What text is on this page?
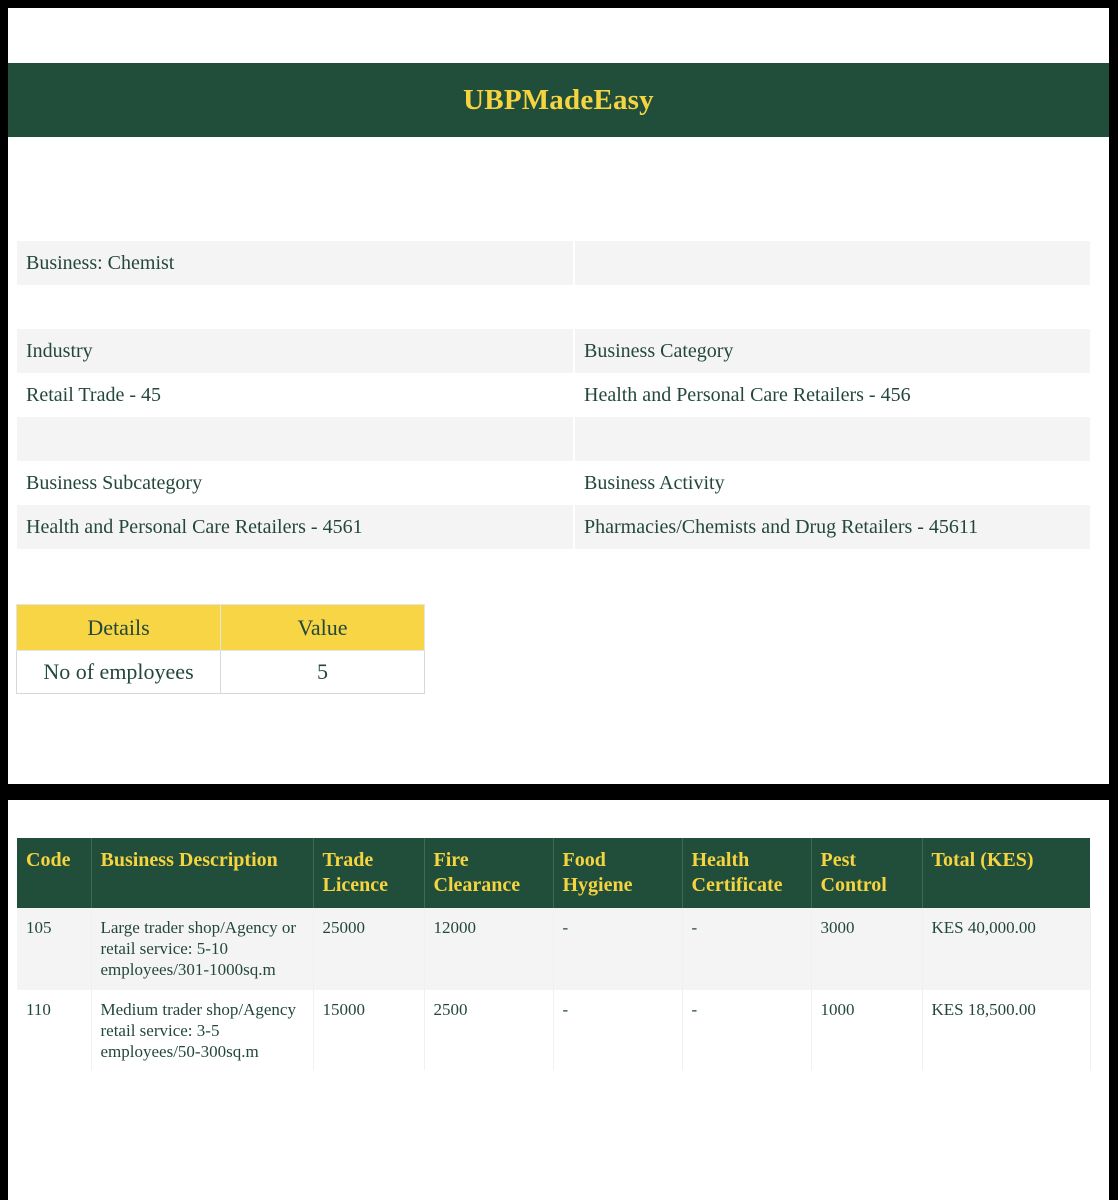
UBPMadeEasy
Business: Chemist
Industry	Business Category
Retail Trade - 45	Health and Personal Care Retailers - 456
Business Subcategory	Business Activity
Health and Personal Care Retailers - 4561	Pharmacies/Chemists and Drug Retailers - 45611
Details	Value
No of employees	5
Code	Business Description	Trade Licence	Fire Clearance	Food Hygiene	Health Certificate	Pest Control	Total (KES)
105	Large trader shop/Agency or retail service: 5-10 employees/301-1000sq.m	25000	12000	-	-	3000	KES 40,000.00
110	Medium trader shop/Agency retail service: 3-5 employees/50-300sq.m	15000	2500	-	-	1000	KES 18,500.00
